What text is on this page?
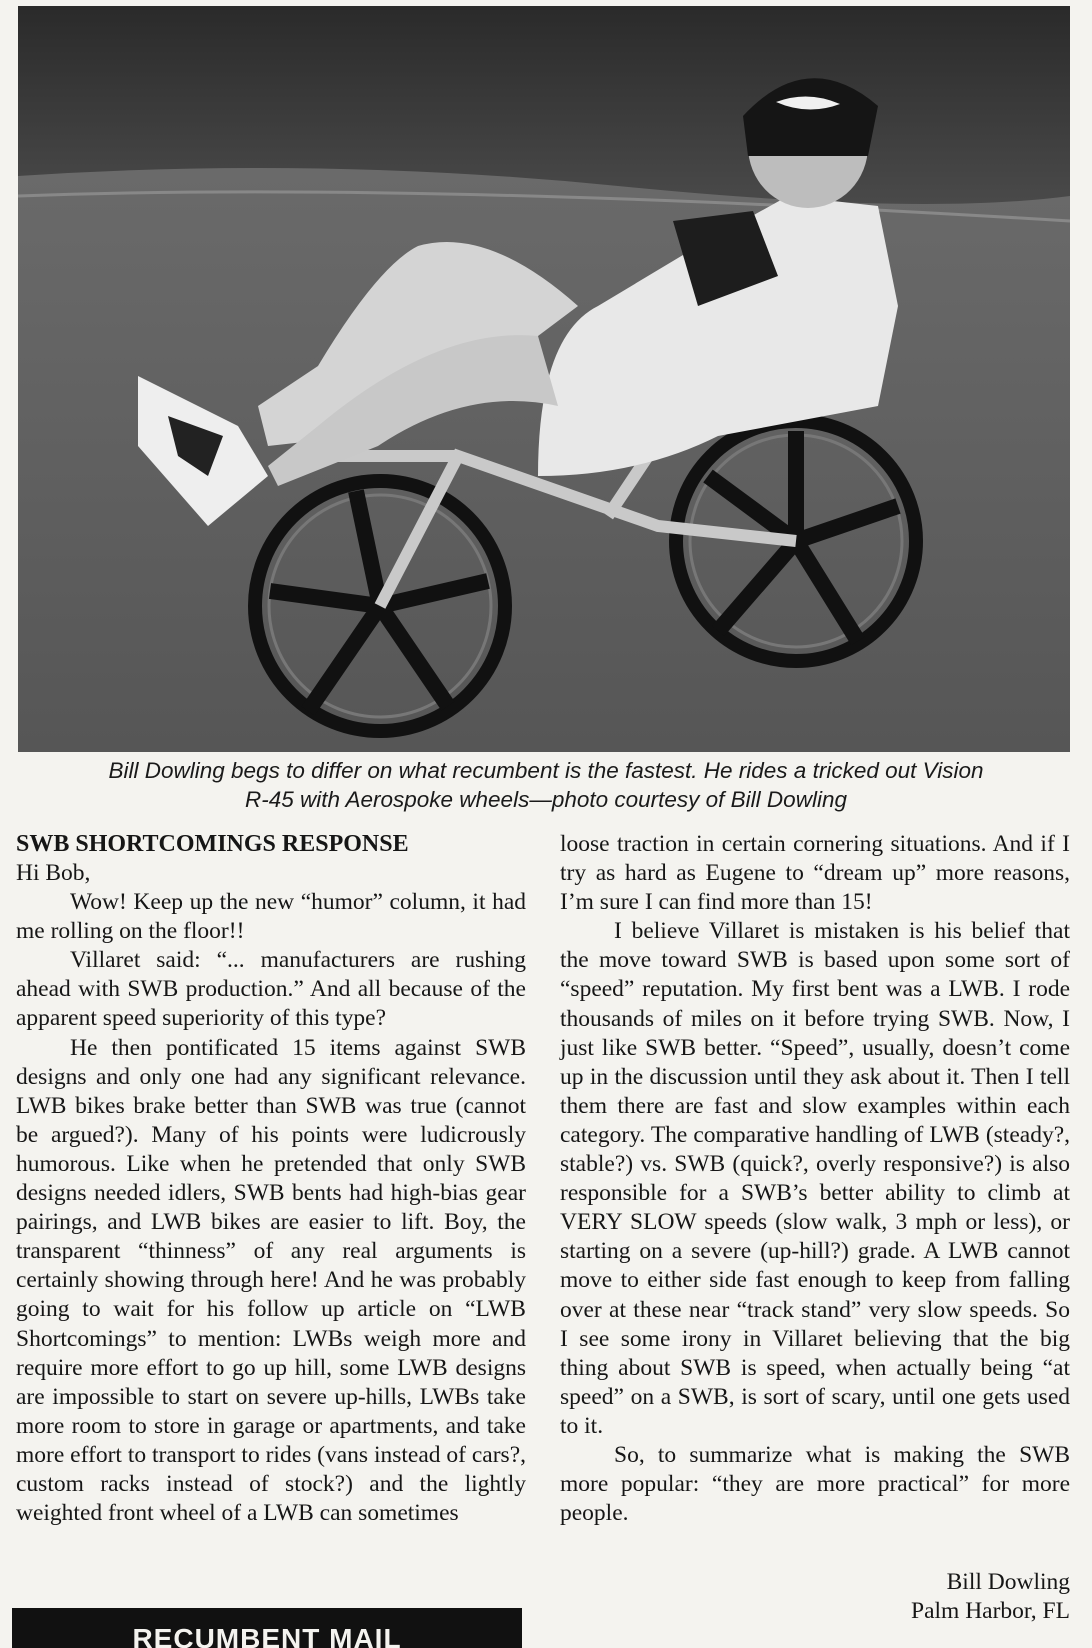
Bill Dowling begs to differ on what recumbent is the fastest. He rides a tricked out Vision
R-45 with Aerospoke wheels—photo courtesy of Bill Dowling

SWB SHORTCOMINGS RESPONSE

Hi Bob,

Wow! Keep up the new “humor” column, it had me rolling on the floor!!

Villaret said: “... manufacturers are rushing ahead with SWB production.” And all because of the apparent speed superiority of this type?

He then pontificated 15 items against SWB designs and only one had any significant relevance. LWB bikes brake better than SWB was true (cannot be argued?). Many of his points were ludicrously humorous. Like when he pretended that only SWB designs needed idlers, SWB bents had high-bias gear pairings, and LWB bikes are easier to lift. Boy, the transparent “thinness” of any real arguments is certainly showing through here! And he was probably going to wait for his follow up article on “LWB Shortcomings” to mention: LWBs weigh more and require more effort to go up hill, some LWB designs are impossible to start on severe up-hills, LWBs take more room to store in garage or apartments, and take more effort to transport to rides (vans instead of cars?, custom racks instead of stock?) and the lightly weighted front wheel of a LWB can sometimes

loose traction in certain cornering situations. And if I try as hard as Eugene to “dream up” more reasons, I’m sure I can find more than 15!

I believe Villaret is mistaken is his belief that the move toward SWB is based upon some sort of “speed” reputation. My first bent was a LWB. I rode thousands of miles on it before trying SWB. Now, I just like SWB better. “Speed”, usually, doesn’t come up in the discussion until they ask about it. Then I tell them there are fast and slow examples within each category. The comparative handling of LWB (steady?, stable?) vs. SWB (quick?, overly responsive?) is also responsible for a SWB’s better ability to climb at VERY SLOW speeds (slow walk, 3 mph or less), or starting on a severe (up-hill?) grade. A LWB cannot move to either side fast enough to keep from falling over at these near “track stand” very slow speeds. So I see some irony in Villaret believing that the big thing about SWB is speed, when actually being “at speed” on a SWB, is sort of scary, until one gets used to it.

So, to summarize what is making the SWB more popular: “they are more practical” for more people.

Bill Dowling
Palm Harbor, FL
RECUMBENT MAIL
